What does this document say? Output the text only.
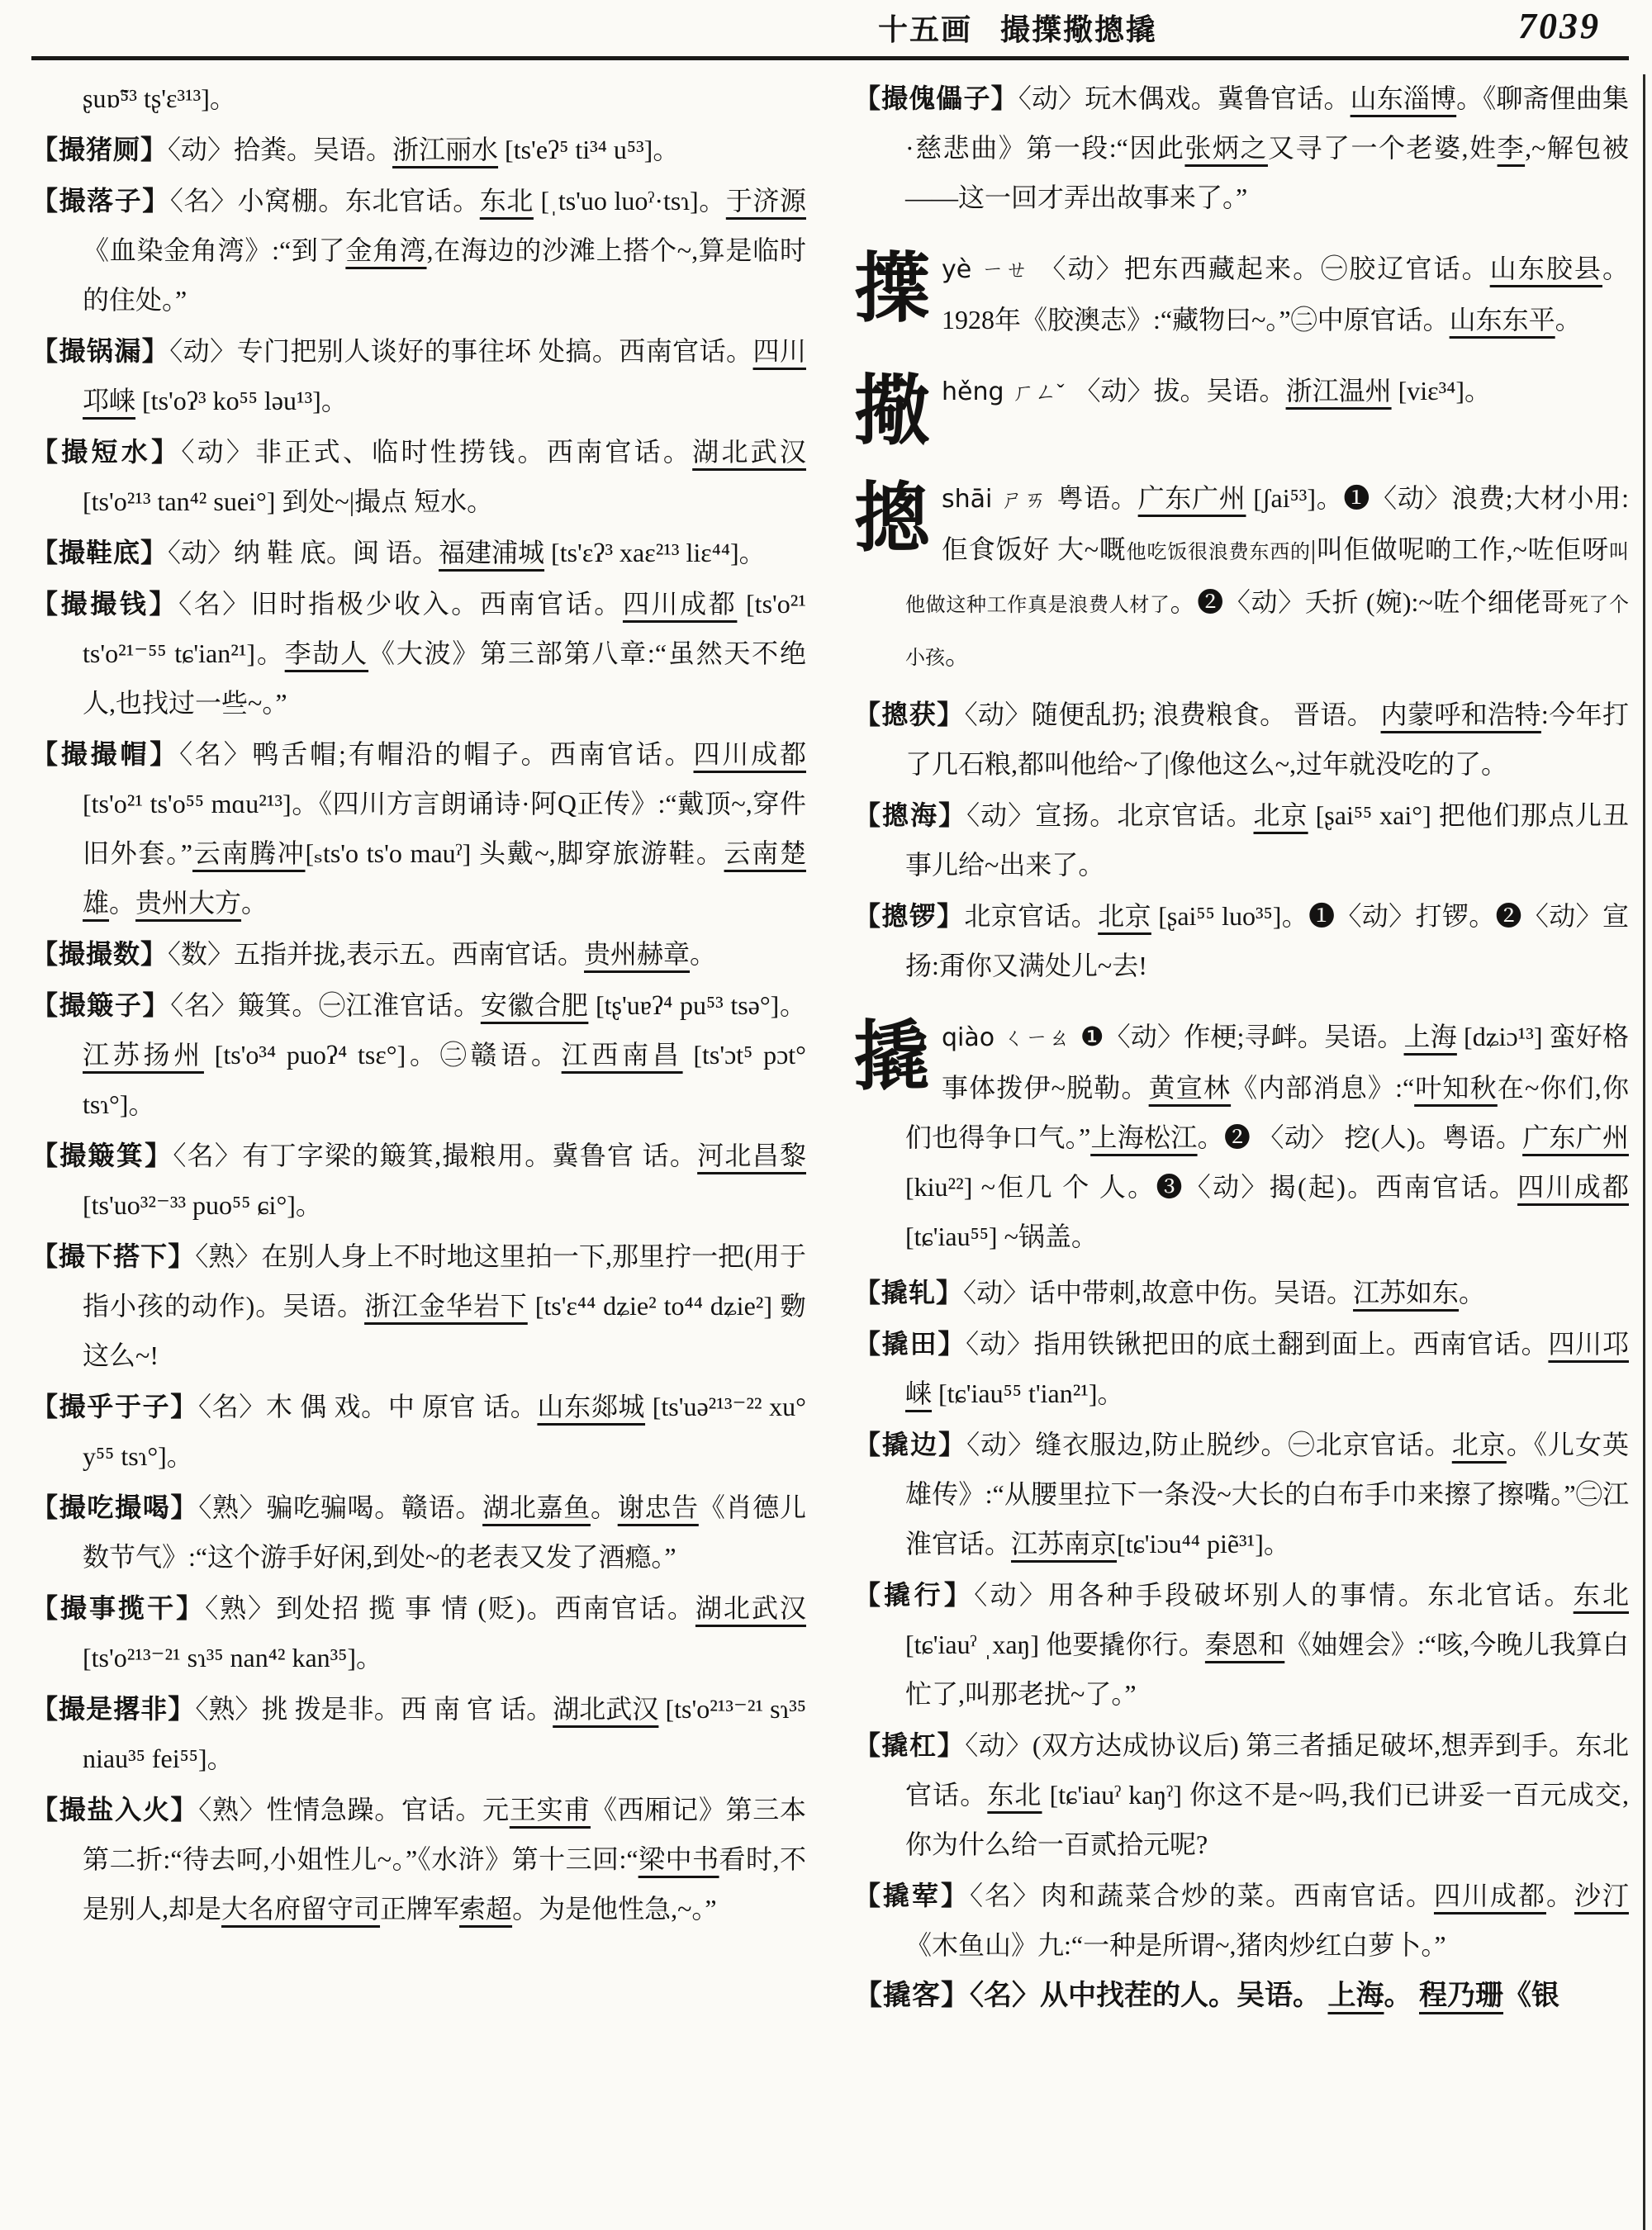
十五画 撮擛擏摠撬	7039
ʂuɒ̃⁵³ tʂ'ɛ³¹³]。
【撮猪厕】〈动〉拾粪。吴语。浙江丽水 [ts'eʔ⁵ ti³⁴ u⁵³]。
【撮落子】〈名〉小窝棚。东北官话。东北 [ˌts'uo luoˀ·tsɿ]。于济源《血染金角湾》:“到了金角湾,在海边的沙滩上搭个~,算是临时的住处。”
【撮锅漏】〈动〉专门把别人谈好的事往坏 处搞。西南官话。四川邛崃 [ts'oʔ³ ko⁵⁵ ləu¹³]。
【撮短水】〈动〉非正式、临时性捞钱。西南官话。湖北武汉 [ts'o²¹³ tan⁴² suei°] 到处~|撮点 短水。
【撮鞋底】〈动〉纳 鞋 底。闽 语。福建浦城 [ts'ɛʔ³ xaɛ²¹³ liɛ⁴⁴]。
【撮撮钱】〈名〉旧时指极少收入。西南官话。四川成都 [ts'o²¹ ts'o²¹⁻⁵⁵ tɕ'ian²¹]。李劼人《大波》第三部第八章:“虽然天不绝人,也找过一些~。”
【撮撮帽】〈名〉鸭舌帽;有帽沿的帽子。西南官话。四川成都 [ts'o²¹ ts'o⁵⁵ mɑu²¹³]。《四川方言朗诵诗·阿Q正传》:“戴顶~,穿件旧外套。”云南腾冲[ₛts'o ts'o mauˀ] 头戴~,脚穿旅游鞋。云南楚雄。贵州大方。
【撮撮数】〈数〉五指并拢,表示五。西南官话。贵州赫章。
【撮簸子】〈名〉簸箕。㊀江淮官话。安徽合肥 [tʂ'uɐʔ⁴ pu⁵³ tsə°]。江苏扬州 [ts'o³⁴ puoʔ⁴ tsɛ°]。㊁赣语。江西南昌 [ts'ɔt⁵ pɔt° tsɿ°]。
【撮簸箕】〈名〉有丁字梁的簸箕,撮粮用。冀鲁官 话。河北昌黎 [ts'uo³²⁻³³ puo⁵⁵ ɕi°]。
【撮下搭下】〈熟〉在别人身上不时地这里拍一下,那里拧一把(用于指小孩的动作)。吴语。浙江金华岩下 [ts'ɛ⁴⁴ dʑie² to⁴⁴ dʑie²] 覅这么~!
【撮乎于子】〈名〉木 偶 戏。中 原官 话。山东郯城 [ts'uə²¹³⁻²² xu° y⁵⁵ tsɿ°]。
【撮吃撮喝】〈熟〉骗吃骗喝。赣语。湖北嘉鱼。谢忠告《肖德儿数节气》:“这个游手好闲,到处~的老表又发了酒瘾。”
【撮事揽干】〈熟〉到处招 揽 事 情 (贬)。西南官话。湖北武汉 [ts'o²¹³⁻²¹ sɿ³⁵ nan⁴² kan³⁵]。
【撮是撂非】〈熟〉挑 拨是非。西 南 官 话。湖北武汉 [ts'o²¹³⁻²¹ sɿ³⁵ niau³⁵ fei⁵⁵]。
【撮盐入火】〈熟〉性情急躁。官话。元王实甫《西厢记》第三本第二折:“待去呵,小姐性儿~。”《水浒》第十三回:“梁中书看时,不是别人,却是大名府留守司正牌军索超。为是他性急,~。”
【撮傀儡子】〈动〉玩木偶戏。冀鲁官话。山东淄博。《聊斋俚曲集·慈悲曲》第一段:“因此张炳之又寻了一个老婆,姓李,~解包被——这一回才弄出故事来了。”
擛yè ㄧㄝ 〈动〉把东西藏起来。㊀胶辽官话。山东胶县。1928年《胶澳志》:“藏物曰~。”㊁中原官话。山东东平。
擏hěng ㄏㄥˇ 〈动〉拔。吴语。浙江温州 [viɛ³⁴]。
摠shāi ㄕㄞ 粤语。广东广州 [ʃai⁵³]。❶〈动〉浪费;大材小用:佢食饭好 大~嘅他吃饭很浪费东西的|叫佢做呢啲工作,~咗佢呀叫他做这种工作真是浪费人材了。❷〈动〉夭折 (婉):~咗个细佬哥死了个小孩。
【摠获】〈动〉随便乱扔; 浪费粮食。 晋语。 内蒙呼和浩特:今年打了几石粮,都叫他给~了|像他这么~,过年就没吃的了。
【摠海】〈动〉宣扬。北京官话。北京 [ʂai⁵⁵ xai°] 把他们那点儿丑事儿给~出来了。
【摠锣】北京官话。北京 [ʂai⁵⁵ luo³⁵]。❶〈动〉打锣。❷〈动〉宣扬:甭你又满处儿~去!
撬qiào ㄑㄧㄠ ❶〈动〉作梗;寻衅。吴语。上海 [dʑiɔ¹³] 蛮好格事体拨伊~脱勒。黄宣林《内部消息》:“叶知秋在~你们,你们也得争口气。”上海松江。❷ 〈动〉 挖(人)。粤语。广东广州 [kiu²²] ~佢几 个 人。❸〈动〉揭(起)。西南官话。四川成都 [tɕ'iau⁵⁵] ~锅盖。
【撬轧】〈动〉话中带刺,故意中伤。吴语。江苏如东。
【撬田】〈动〉指用铁锹把田的底土翻到面上。西南官话。四川邛崃 [tɕ'iau⁵⁵ t'ian²¹]。
【撬边】〈动〉缝衣服边,防止脱纱。㊀北京官话。北京。《儿女英雄传》:“从腰里拉下一条没~大长的白布手巾来擦了擦嘴。”㊁江淮官话。江苏南京[tɕ'iɔu⁴⁴ piẽ³¹]。
【撬行】〈动〉用各种手段破坏别人的事情。东北官话。东北 [tɕ'iauˀ ˌxaŋ] 他要撬你行。秦恩和《妯娌会》:“咳,今晚儿我算白忙了,叫那老扰~了。”
【撬杠】〈动〉(双方达成协议后) 第三者插足破坏,想弄到手。东北官话。东北 [tɕ'iauˀ kaŋˀ] 你这不是~吗,我们已讲妥一百元成交,你为什么给一百贰拾元呢?
【撬荤】〈名〉肉和蔬菜合炒的菜。西南官话。四川成都。沙汀《木鱼山》九:“一种是所谓~,猪肉炒红白萝卜。”
【撬客】〈名〉从中找茬的人。吴语。 上海。 程乃珊《银
